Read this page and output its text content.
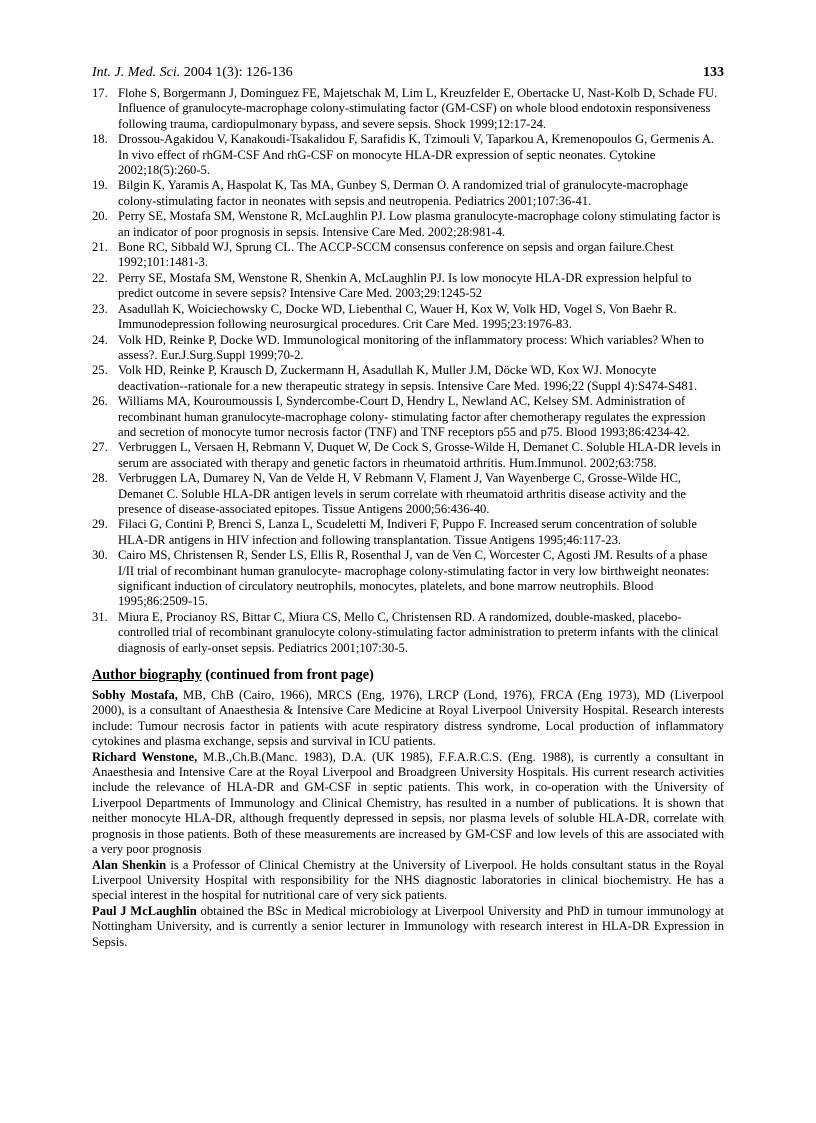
Int. J. Med. Sci. 2004 1(3): 126-136	133
17. Flohe S, Borgermann J, Dominguez FE, Majetschak M, Lim L, Kreuzfelder E, Obertacke U, Nast-Kolb D, Schade FU. Influence of granulocyte-macrophage colony-stimulating factor (GM-CSF) on whole blood endotoxin responsiveness following trauma, cardiopulmonary bypass, and severe sepsis. Shock 1999;12:17-24.
18. Drossou-Agakidou V, Kanakoudi-Tsakalidou F, Sarafidis K, Tzimouli V, Taparkou A, Kremenopoulos G, Germenis A. In vivo effect of rhGM-CSF And rhG-CSF on monocyte HLA-DR expression of septic neonates. Cytokine 2002;18(5):260-5.
19. Bilgin K, Yaramis A, Haspolat K, Tas MA, Gunbey S, Derman O. A randomized trial of granulocyte-macrophage colony-stimulating factor in neonates with sepsis and neutropenia. Pediatrics 2001;107:36-41.
20. Perry SE, Mostafa SM, Wenstone R, McLaughlin PJ. Low plasma granulocyte-macrophage colony stimulating factor is an indicator of poor prognosis in sepsis. Intensive Care Med. 2002;28:981-4.
21. Bone RC, Sibbald WJ, Sprung CL. The ACCP-SCCM consensus conference on sepsis and organ failure.Chest 1992;101:1481-3.
22. Perry SE, Mostafa SM, Wenstone R, Shenkin A, McLaughlin PJ. Is low monocyte HLA-DR expression helpful to predict outcome in severe sepsis? Intensive Care Med. 2003;29:1245-52
23. Asadullah K, Woiciechowsky C, Docke WD, Liebenthal C, Wauer H, Kox W, Volk HD, Vogel S, Von Baehr R. Immunodepression following neurosurgical procedures. Crit Care Med. 1995;23:1976-83.
24. Volk HD, Reinke P, Docke WD. Immunological monitoring of the inflammatory process: Which variables? When to assess?. Eur.J.Surg.Suppl 1999;70-2.
25. Volk HD, Reinke P, Krausch D, Zuckermann H, Asadullah K, Muller J.M, Döcke WD, Kox WJ. Monocyte deactivation--rationale for a new therapeutic strategy in sepsis. Intensive Care Med. 1996;22 (Suppl 4):S474-S481.
26. Williams MA, Kouroumoussis I, Syndercombe-Court D, Hendry L, Newland AC, Kelsey SM. Administration of recombinant human granulocyte-macrophage colony- stimulating factor after chemotherapy regulates the expression and secretion of monocyte tumor necrosis factor (TNF) and TNF receptors p55 and p75. Blood 1993;86:4234-42.
27. Verbruggen L, Versaen H, Rebmann V, Duquet W, De Cock S, Grosse-Wilde H, Demanet C. Soluble HLA-DR levels in serum are associated with therapy and genetic factors in rheumatoid arthritis. Hum.Immunol. 2002;63:758.
28. Verbruggen LA, Dumarey N, Van de Velde H, V Rebmann V, Flament J, Van Wayenberge C, Grosse-Wilde HC, Demanet C. Soluble HLA-DR antigen levels in serum correlate with rheumatoid arthritis disease activity and the presence of disease-associated epitopes. Tissue Antigens 2000;56:436-40.
29. Filaci G, Contini P, Brenci S, Lanza L, Scudeletti M, Indiveri F, Puppo F. Increased serum concentration of soluble HLA-DR antigens in HIV infection and following transplantation. Tissue Antigens 1995;46:117-23.
30. Cairo MS, Christensen R, Sender LS, Ellis R, Rosenthal J, van de Ven C, Worcester C, Agosti JM. Results of a phase I/II trial of recombinant human granulocyte- macrophage colony-stimulating factor in very low birthweight neonates: significant induction of circulatory neutrophils, monocytes, platelets, and bone marrow neutrophils. Blood 1995;86:2509-15.
31. Miura E, Procianoy RS, Bittar C, Miura CS, Mello C, Christensen RD. A randomized, double-masked, placebo-controlled trial of recombinant granulocyte colony-stimulating factor administration to preterm infants with the clinical diagnosis of early-onset sepsis. Pediatrics 2001;107:30-5.
Author biography (continued from front page)

Sobhy Mostafa, MB, ChB (Cairo, 1966), MRCS (Eng, 1976), LRCP (Lond, 1976), FRCA (Eng 1973), MD (Liverpool 2000), is a consultant of Anaesthesia & Intensive Care Medicine at Royal Liverpool University Hospital. Research interests include: Tumour necrosis factor in patients with acute respiratory distress syndrome, Local production of inflammatory cytokines and plasma exchange, sepsis and survival in ICU patients.

Richard Wenstone, M.B.,Ch.B.(Manc. 1983), D.A. (UK 1985), F.F.A.R.C.S. (Eng. 1988), is currently a consultant in Anaesthesia and Intensive Care at the Royal Liverpool and Broadgreen University Hospitals. His current research activities include the relevance of HLA-DR and GM-CSF in septic patients. This work, in co-operation with the University of Liverpool Departments of Immunology and Clinical Chemistry, has resulted in a number of publications. It is shown that neither monocyte HLA-DR, although frequently depressed in sepsis, nor plasma levels of soluble HLA-DR, correlate with prognosis in those patients. Both of these measurements are increased by GM-CSF and low levels of this are associated with a very poor prognosis

Alan Shenkin is a Professor of Clinical Chemistry at the University of Liverpool. He holds consultant status in the Royal Liverpool University Hospital with responsibility for the NHS diagnostic laboratories in clinical biochemistry. He has a special interest in the hospital for nutritional care of very sick patients.

Paul J McLaughlin obtained the BSc in Medical microbiology at Liverpool University and PhD in tumour immunology at Nottingham University, and is currently a senior lecturer in Immunology with research interest in HLA-DR Expression in Sepsis.
